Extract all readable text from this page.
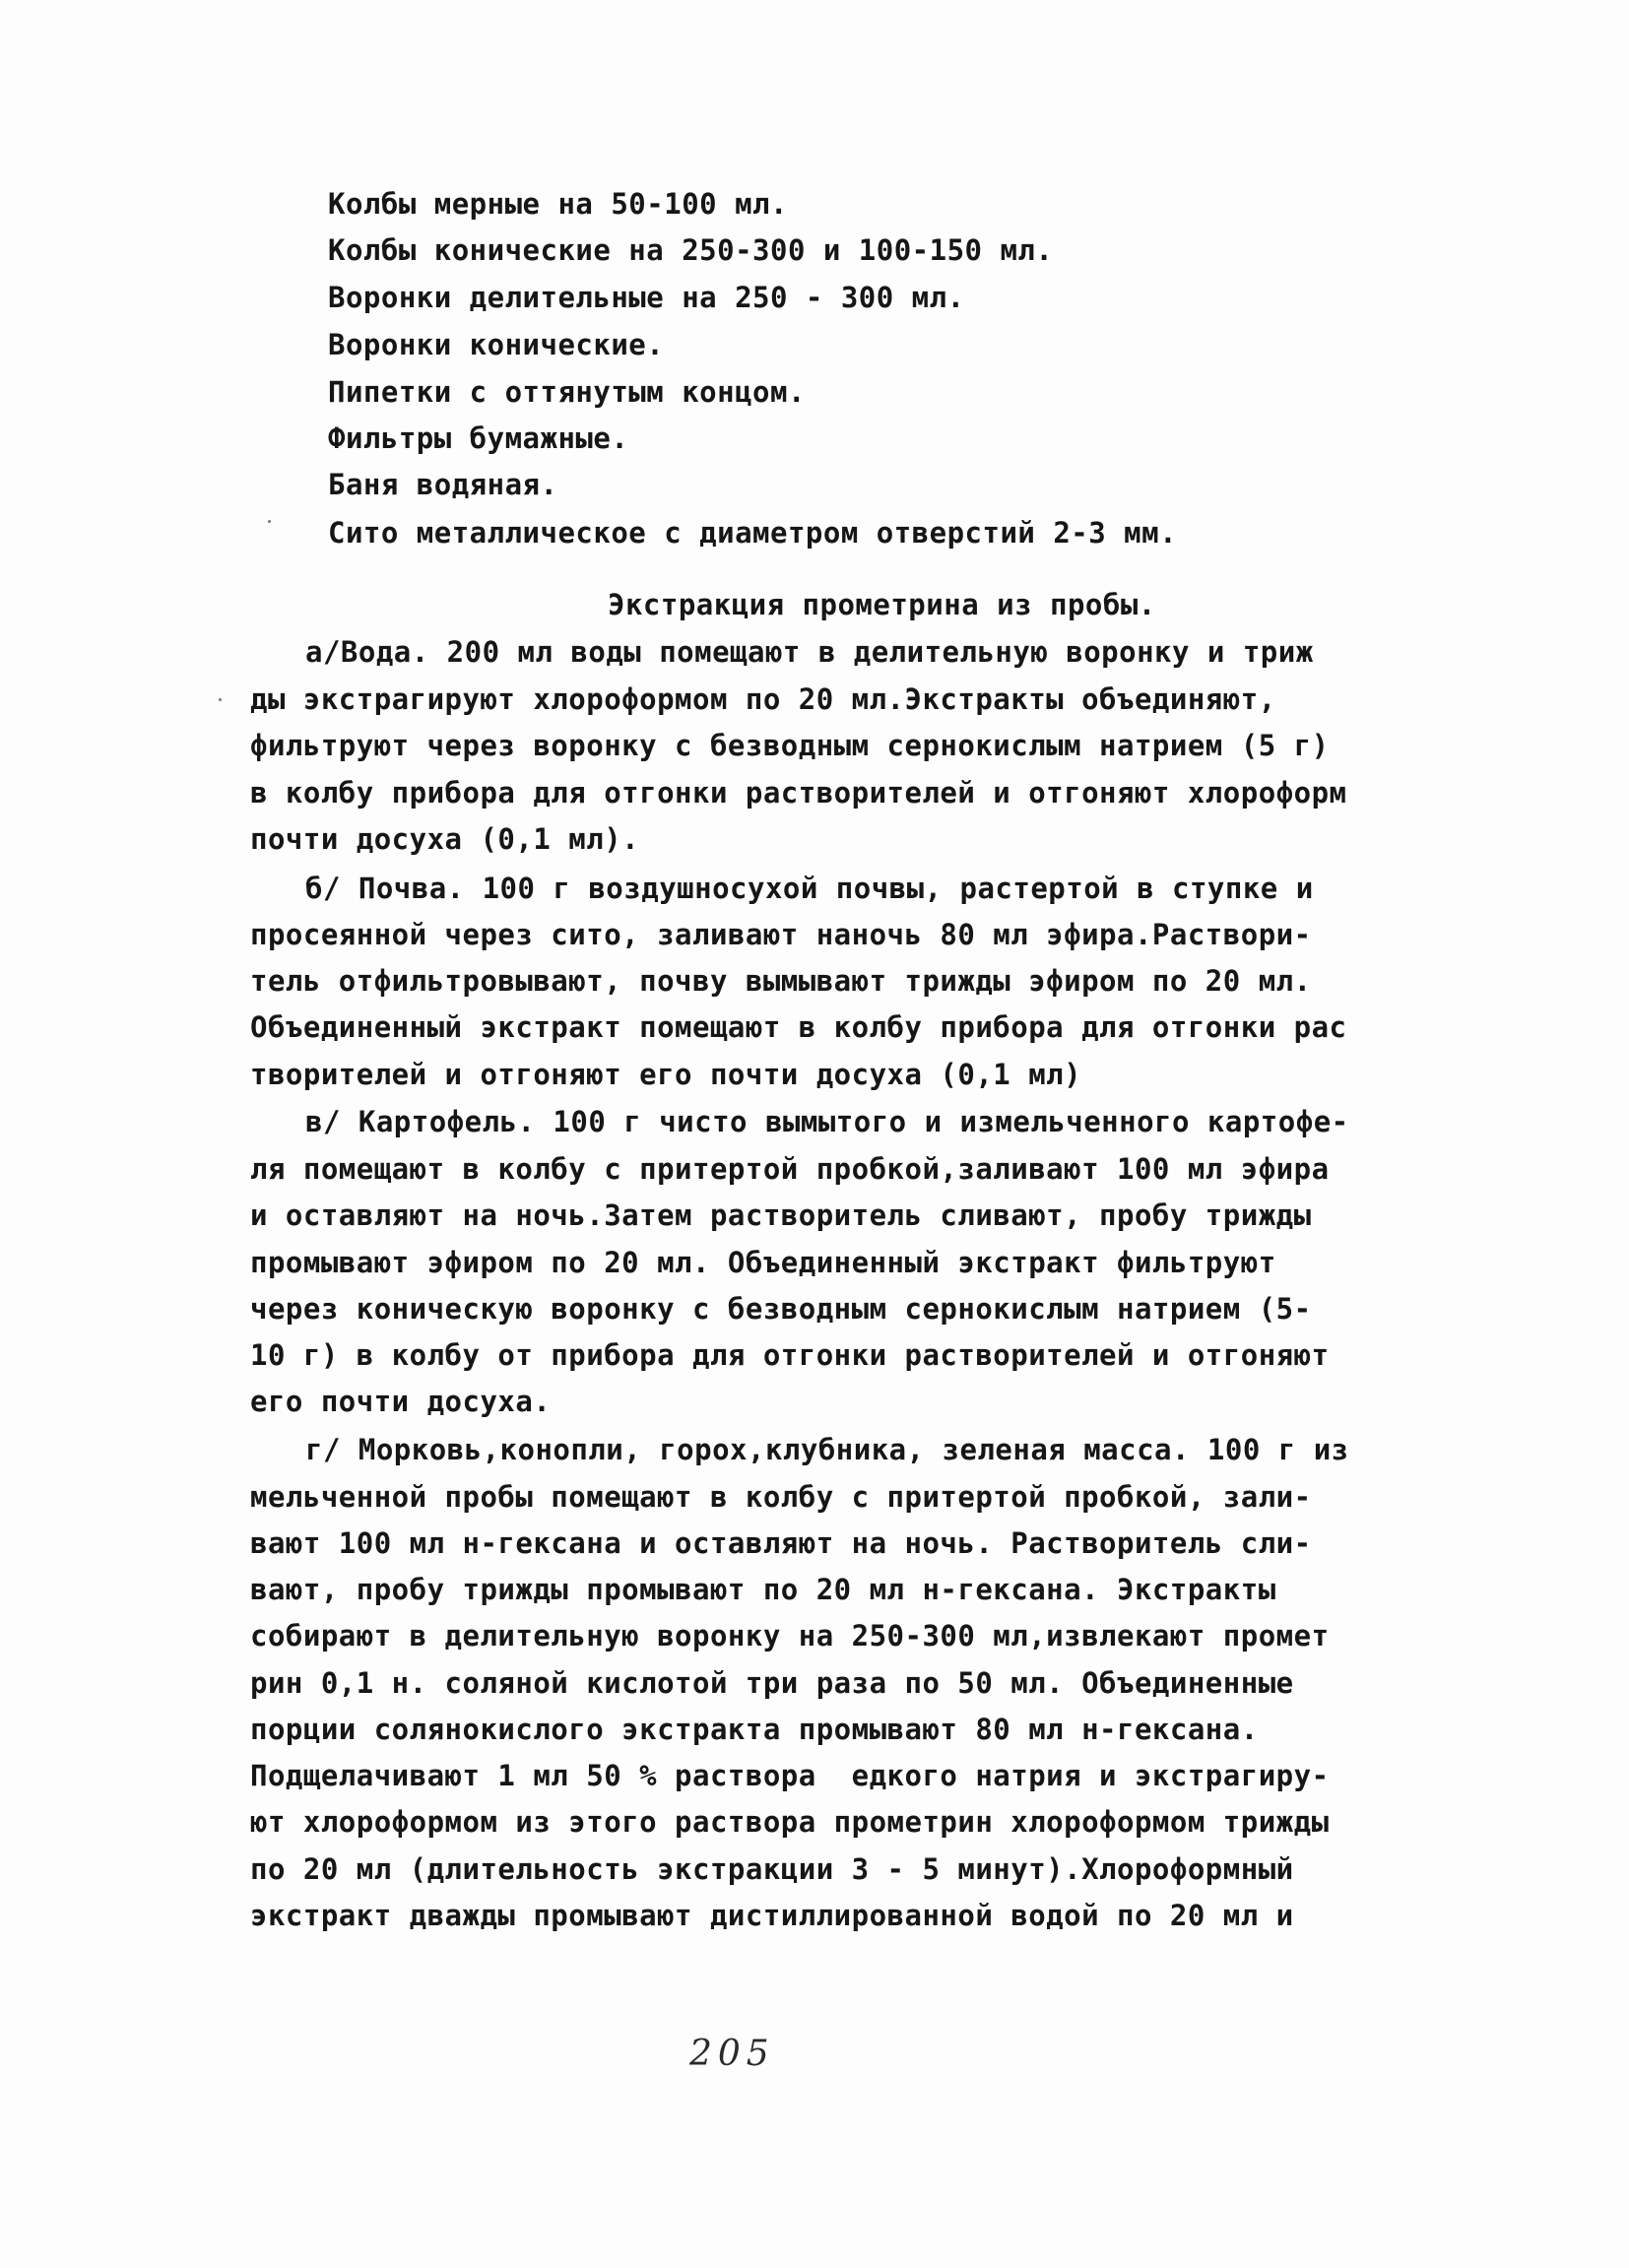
Колбы мерные на 50-100 мл.
Колбы конические на 250-300 и 100-150 мл.
Воронки делительные на 250 - 300 мл.
Воронки конические.
Пипетки с оттянутым концом.
Фильтры бумажные.
Баня водяная.
Сито металлическое с диаметром отверстий 2-3 мм.
Экстракция прометрина из пробы.
а/Вода. 200 мл воды помещают в делительную воронку и триж
ды экстрагируют хлороформом по 20 мл.Экстракты объединяют,
фильтруют через воронку с безводным сернокислым натрием (5 г)
в колбу прибора для отгонки растворителей и отгоняют хлороформ
почти досуха (0,1 мл).
б/ Почва. 100 г воздушносухой почвы, растертой в ступке и
просеянной через сито, заливают наночь 80 мл эфира.Раствори-
тель отфильтровывают, почву вымывают трижды эфиром по 20 мл.
Объединенный экстракт помещают в колбу прибора для отгонки рас
творителей и отгоняют его почти досуха (0,1 мл)
в/ Картофель. 100 г чисто вымытого и измельченного картофе-
ля помещают в колбу с притертой пробкой,заливают 100 мл эфира
и оставляют на ночь.Затем растворитель сливают, пробу трижды
промывают эфиром по 20 мл. Объединенный экстракт фильтруют
через коническую воронку с безводным сернокислым натрием (5-
10 г) в колбу от прибора для отгонки растворителей и отгоняют
его почти досуха.
г/ Морковь,конопли, горох,клубника, зеленая масса. 100 г из
мельченной пробы помещают в колбу с притертой пробкой, зали-
вают 100 мл н-гексана и оставляют на ночь. Растворитель сли-
вают, пробу трижды промывают по 20 мл н-гексана. Экстракты
собирают в делительную воронку на 250-300 мл,извлекают промет
рин 0,1 н. соляной кислотой три раза по 50 мл. Объединенные
порции солянокислого экстракта промывают 80 мл н-гексана.
Подщелачивают 1 мл 50 % раствора  едкого натрия и экстрагиру-
ют хлороформом из этого раствора прометрин хлороформом трижды
по 20 мл (длительность экстракции 3 - 5 минут).Хлороформный
экстракт дважды промывают дистиллированной водой по 20 мл и
205
